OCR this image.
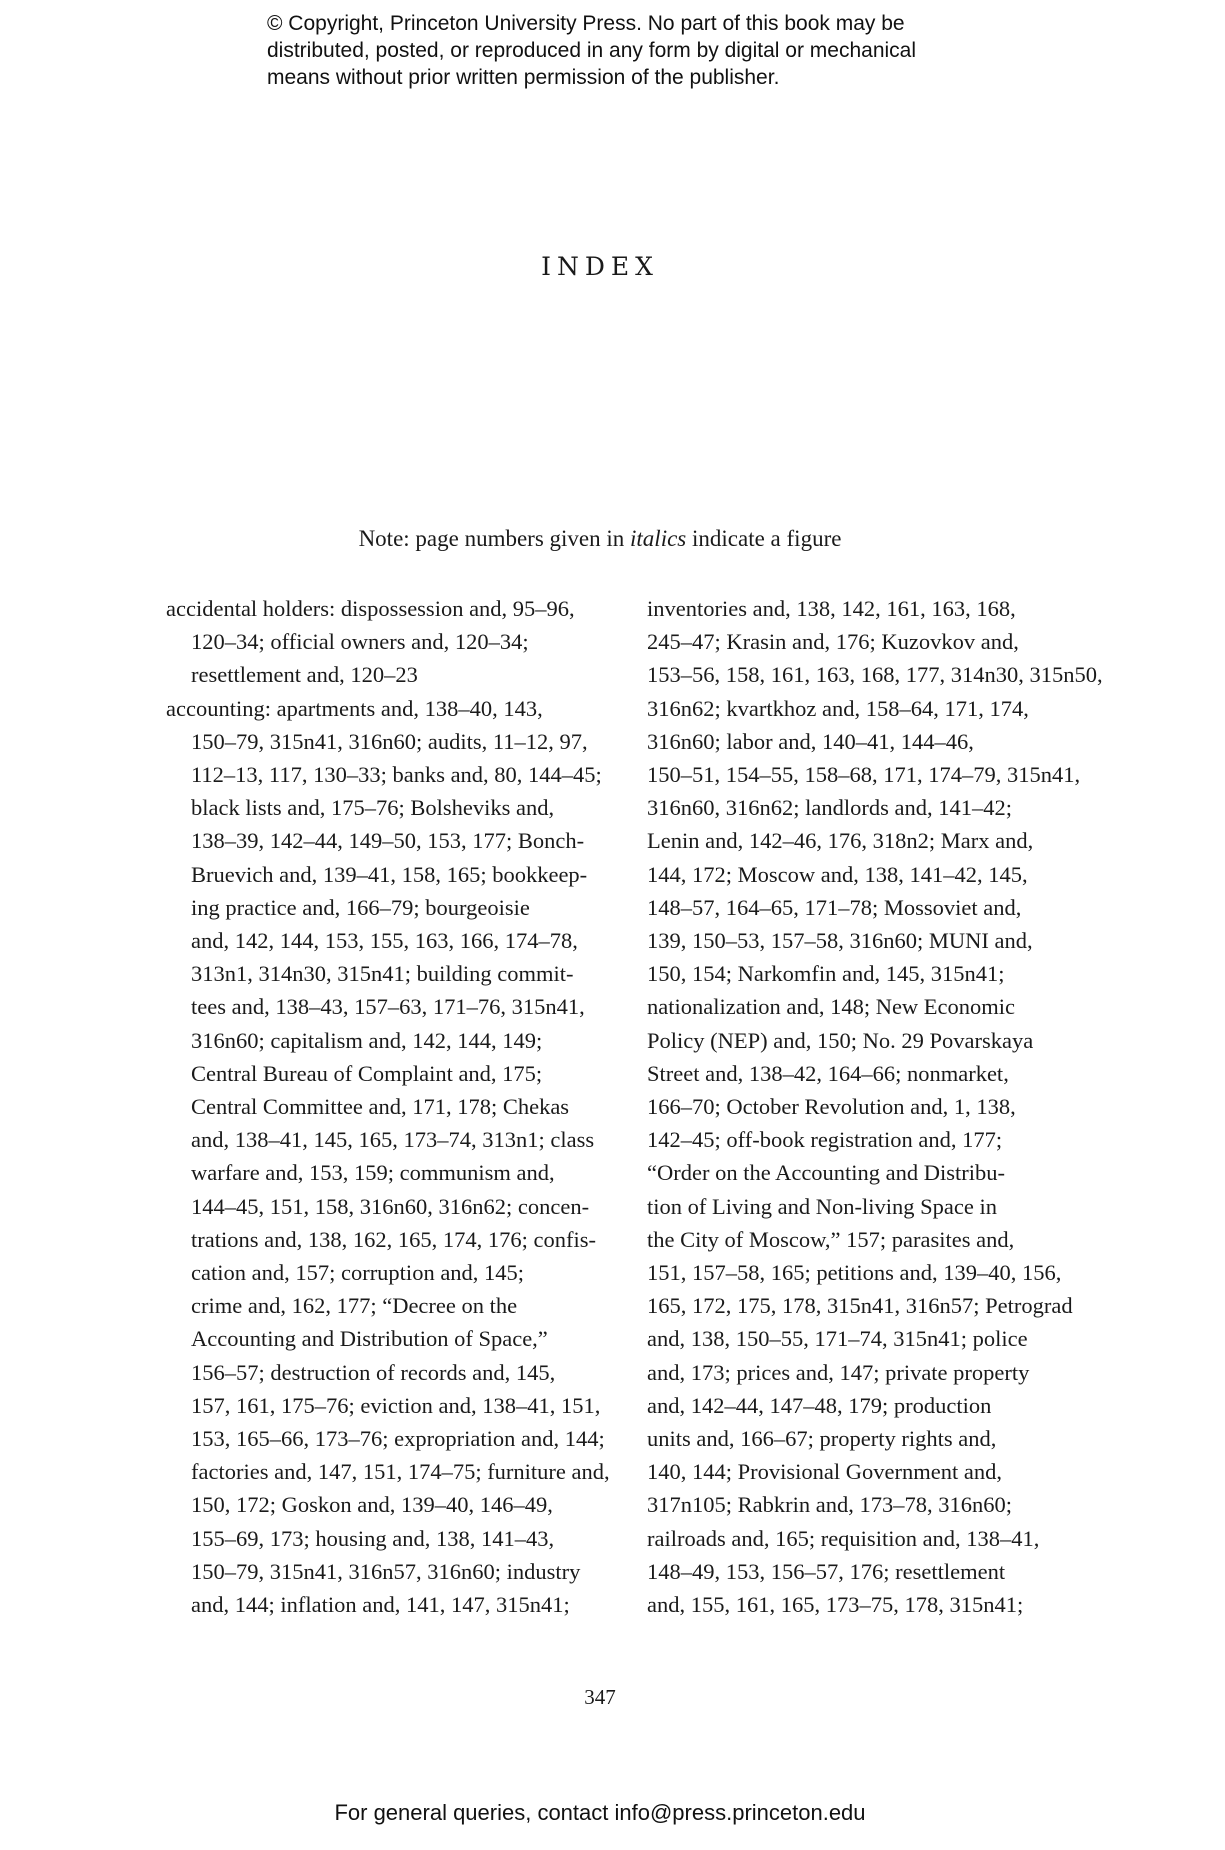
© Copyright, Princeton University Press. No part of this book may be
distributed, posted, or reproduced in any form by digital or mechanical
means without prior written permission of the publisher.
INDEX
Note: page numbers given in italics indicate a figure
accidental holders: dispossession and, 95–96,
120–34; official owners and, 120–34;
resettlement and, 120–23
accounting: apartments and, 138–40, 143,
150–79, 315n41, 316n60; audits, 11–12, 97,
112–13, 117, 130–33; banks and, 80, 144–45;
black lists and, 175–76; Bolsheviks and,
138–39, 142–44, 149–50, 153, 177; Bonch-
Bruevich and, 139–41, 158, 165; bookkeep-
ing practice and, 166–79; bourgeoisie
and, 142, 144, 153, 155, 163, 166, 174–78,
313n1, 314n30, 315n41; building commit-
tees and, 138–43, 157–63, 171–76, 315n41,
316n60; capitalism and, 142, 144, 149;
Central Bureau of Complaint and, 175;
Central Committee and, 171, 178; Chekas
and, 138–41, 145, 165, 173–74, 313n1; class
warfare and, 153, 159; communism and,
144–45, 151, 158, 316n60, 316n62; concen-
trations and, 138, 162, 165, 174, 176; confis-
cation and, 157; corruption and, 145;
crime and, 162, 177; “Decree on the
Accounting and Distribution of Space,”
156–57; destruction of records and, 145,
157, 161, 175–76; eviction and, 138–41, 151,
153, 165–66, 173–76; expropriation and, 144;
factories and, 147, 151, 174–75; furniture and,
150, 172; Goskon and, 139–40, 146–49,
155–69, 173; housing and, 138, 141–43,
150–79, 315n41, 316n57, 316n60; industry
and, 144; inflation and, 141, 147, 315n41;
inventories and, 138, 142, 161, 163, 168,
245–47; Krasin and, 176; Kuzovkov and,
153–56, 158, 161, 163, 168, 177, 314n30, 315n50,
316n62; kvartkhoz and, 158–64, 171, 174,
316n60; labor and, 140–41, 144–46,
150–51, 154–55, 158–68, 171, 174–79, 315n41,
316n60, 316n62; landlords and, 141–42;
Lenin and, 142–46, 176, 318n2; Marx and,
144, 172; Moscow and, 138, 141–42, 145,
148–57, 164–65, 171–78; Mossoviet and,
139, 150–53, 157–58, 316n60; MUNI and,
150, 154; Narkomfin and, 145, 315n41;
nationalization and, 148; New Economic
Policy (NEP) and, 150; No. 29 Povarskaya
Street and, 138–42, 164–66; nonmarket,
166–70; October Revolution and, 1, 138,
142–45; off-book registration and, 177;
“Order on the Accounting and Distribu-
tion of Living and Non-living Space in
the City of Moscow,” 157; parasites and,
151, 157–58, 165; petitions and, 139–40, 156,
165, 172, 175, 178, 315n41, 316n57; Petrograd
and, 138, 150–55, 171–74, 315n41; police
and, 173; prices and, 147; private property
and, 142–44, 147–48, 179; production
units and, 166–67; property rights and,
140, 144; Provisional Government and,
317n105; Rabkrin and, 173–78, 316n60;
railroads and, 165; requisition and, 138–41,
148–49, 153, 156–57, 176; resettlement
and, 155, 161, 165, 173–75, 178, 315n41;
347
For general queries, contact info@press.princeton.edu
